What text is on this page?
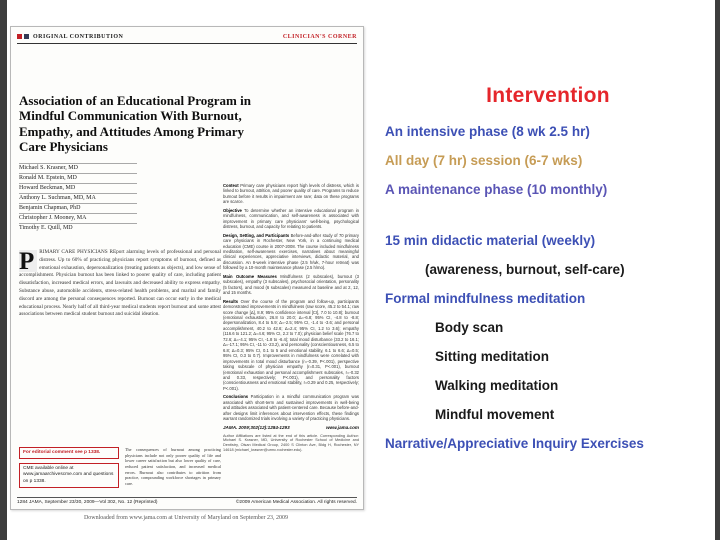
ORIGINAL CONTRIBUTION	CLINICIAN'S CORNER
Association of an Educational Program in Mindful Communication With Burnout, Empathy, and Attitudes Among Primary Care Physicians
Michael S. Krasner, MD
Ronald M. Epstein, MD
Howard Beckman, MD
Anthony L. Suchman, MD, MA
Benjamin Chapman, PhD
Christopher J. Mooney, MA
Timothy E. Quill, MD
P RIMARY CARE PHYSICIANS REport alarming levels of professional and personal distress. Up to 60% of practicing physicians report symptoms of burnout, defined as emotional exhaustion, depersonalization (treating patients as objects), and low sense of accomplishment. Physician burnout has been linked to poorer quality of care, including patient dissatisfaction, increased medical errors, and lawsuits and decreased ability to express empathy. Substance abuse, automobile accidents, stress-related health problems, and marital and family discord are among the personal consequences reported. Burnout can occur early in the medical educational process. Nearly half of all third-year medical students report burnout and some attest associations between medical student burnout and suicidal ideation.
For editorial comment see p 1338.
CME available online at www.jamaarchivescme.com and questions on p 1338.
The consequences of burnout among practicing physicians include not only poorer quality of life and lower career satisfaction but also lower quality of care, reduced patient satisfaction, and increased medical errors. Burnout also contributes to attrition from practice, compounding workforce shortages in primary care.

Context Primary care physicians report high levels of distress, which is linked to burnout, attrition, and poorer quality of care. Programs to reduce burnout before it results in impairment are rare; data on these programs are scarce.

Objective To determine whether an intensive educational program in mindfulness, communication, and self-awareness is associated with improvement in primary care physicians' well-being, psychological distress, burnout, and capacity for relating to patients.

Design, Setting, and Participants Before-and-after study of 70 primary care physicians in Rochester, New York, in a continuing medical education (CME) course in 2007-2008. The course included mindfulness meditation, self-awareness exercises, narratives about meaningful clinical experiences, appreciative interviews, didactic material, and discussion. An 8-week intensive phase (2.5 h/wk, 7-hour retreat) was followed by a 10-month maintenance phase (2.5 h/mo).

Main Outcome Measures Mindfulness (2 subscales), burnout (3 subscales), empathy (3 subscales), psychosocial orientation, personality (5 factors), and mood (6 subscales) measured at baseline and at 2, 12, and 15 months.

Results Over the course of the program and follow-up, participants demonstrated improvements in mindfulness (raw score, 45.2 to 54.1; raw score change [Δ], 8.9; 95% confidence interval [CI], 7.0 to 10.8); burnout (emotional exhaustion, 26.8 to 20.0; Δ=-6.8; 95% CI, -4.8 to -8.8; depersonalization, 8.4 to 5.9; Δ=-2.5; 95% CI, -1.4 to -3.6; and personal accomplishment, 40.2 to 42.6; Δ=2.4; 95% CI, 1.2 to 3.6); empathy (116.6 to 121.2; Δ=4.6; 95% CI, 2.2 to 7.0); physician belief scale (76.7 to 72.6; Δ=-4.1; 95% CI, -1.8 to -6.4); total mood disturbance (33.2 to 16.1; Δ=-17.1; 95% CI, -11 to -23.2), and personality (conscientiousness, 6.5 to 6.8; Δ=0.3; 95% CI, 0.1 to 5 and emotional stability, 6.1 to 6.6; Δ=0.5; 95% CI, 0.3 to 0.7). Improvements in mindfulness were correlated with improvements in total mood disturbance (r=-0.39, P<.001), perspective taking subscale of physician empathy (r=0.31, P<.001), burnout (emotional exhaustion and personal accomplishment subscales, r=-0.32 and 0.33, respectively; P<.001), and personality factors (conscientiousness and emotional stability, r=0.29 and 0.25, respectively; P<.001).

Conclusions Participation in a mindful communication program was associated with short-term and sustained improvements in well-being and attitudes associated with patient-centered care. Because before-and-after designs limit inferences about intervention effects, these findings warrant randomized trials involving a variety of practicing physicians.

JAMA. 2009;302(12):1284-1293	www.jama.com
Author Affiliations are listed at the end of this article. Corresponding Author: Michael S. Krasner, MD, University of Rochester School of Medicine and Dentistry, Olsan Medical Group, 2400 S Clinton Ave, Bldg H, Rochester, NY 14618 (michael_krasner@urmc.rochester.edu).
1284 JAMA, September 23/30, 2009—Vol 302, No. 12 (Reprinted)	©2009 American Medical Association. All rights reserved.
Downloaded from www.jama.com at University of Maryland on September 23, 2009
Intervention
An intensive phase (8 wk 2.5 hr)
All day (7 hr) session (6-7 wks)
A maintenance phase (10 monthly)
15 min didactic material (weekly)
(awareness, burnout, self-care)
Formal mindfulness meditation
Body scan
Sitting meditation
Walking meditation
Mindful movement
Narrative/Appreciative Inquiry Exercises
